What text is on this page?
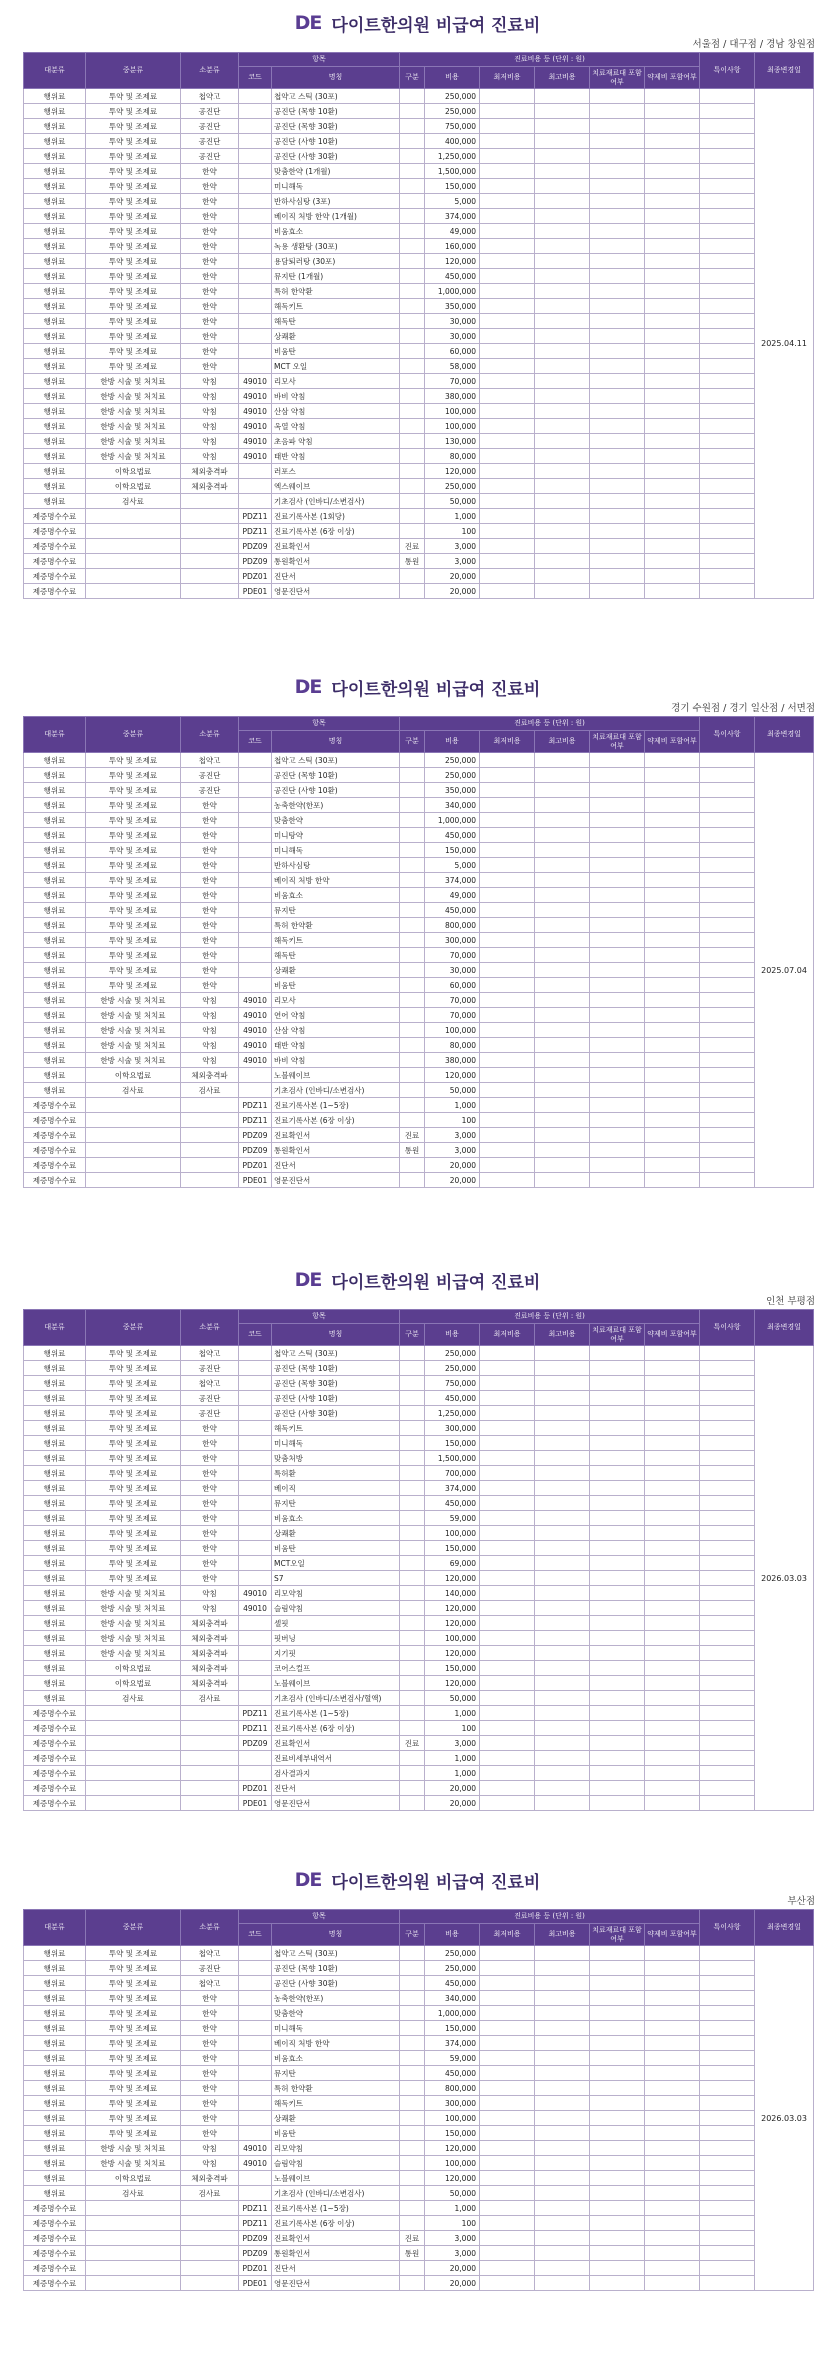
DE 다이트한의원 비급여 진료비
서울점 / 대구점 / 경남 창원점
대분류	중분류	소분류	항목		진료비용 등 (단위 : 원)						특이사항	최종변경일
			코드	명칭	구분	비용	최저비용	최고비용	치료재료대 포함여부	약제비 포함여부		
행위료	투약 및 조제료	첩약고		첩약고 스틱 (30포)		250,000						2025.04.11
행위료	투약 및 조제료	공진단		공진단 (목향 10환)		250,000						
행위료	투약 및 조제료	공진단		공진단 (목향 30환)		750,000						
행위료	투약 및 조제료	공진단		공진단 (사향 10환)		400,000						
행위료	투약 및 조제료	공진단		공진단 (사향 30환)		1,250,000						
행위료	투약 및 조제료	한약		맞춤한약 (1개월)		1,500,000						
행위료	투약 및 조제료	한약		미니해독		150,000						
행위료	투약 및 조제료	한약		반하사심탕 (3포)		5,000						
행위료	투약 및 조제료	한약		베이직 처방 한약 (1개월)		374,000						
행위료	투약 및 조제료	한약		비움효소		49,000						
행위료	투약 및 조제료	한약		녹용 생환탕 (30포)		160,000						
행위료	투약 및 조제료	한약		용담퇴러탕 (30포)		120,000						
행위료	투약 및 조제료	한약		뮤지탄 (1개월)		450,000						
행위료	투약 및 조제료	한약		특허 한약환		1,000,000						
행위료	투약 및 조제료	한약		해독키트		350,000						
행위료	투약 및 조제료	한약		해독탄		30,000						
행위료	투약 및 조제료	한약		상쾌환		30,000						
행위료	투약 및 조제료	한약		비움탄		60,000						
행위료	투약 및 조제료	한약		MCT 오일		58,000						
행위료	한방 시술 및 처치료	약침	49010	리모사		70,000						
행위료	한방 시술 및 처치료	약침	49010	바비 약침		380,000						
행위료	한방 시술 및 처치료	약침	49010	산삼 약침		100,000						
행위료	한방 시술 및 처치료	약침	49010	옥열 약침		100,000						
행위료	한방 시술 및 처치료	약침	49010	초음파 약침		130,000						
행위료	한방 시술 및 처치료	약침	49010	태반 약침		80,000						
행위료	이학요법료	체외충격파		러포스		120,000						
행위료	이학요법료	체외충격파		엑스웨이브		250,000						
행위료	검사료			기초검사 (인바디/소변검사)		50,000						
제증명수수료			PDZ11	진료기록사본 (1회당)		1,000						
제증명수수료			PDZ11	진료기록사본 (6장 이상)		100						
제증명수수료			PDZ09	진료확인서	진료	3,000						
제증명수수료			PDZ09	통원확인서	통원	3,000						
제증명수수료			PDZ01	진단서		20,000						
제증명수수료			PDE01	영문진단서		20,000						
DE 다이트한의원 비급여 진료비
경기 수원점 / 경기 일산점 / 서면점
대분류	중분류	소분류	항목		진료비용 등 (단위 : 원)						특이사항	최종변경일
			코드	명칭	구분	비용	최저비용	최고비용	치료재료대 포함여부	약제비 포함여부		
행위료	투약 및 조제료	첩약고		첩약고 스틱 (30포)		250,000						2025.07.04
행위료	투약 및 조제료	공진단		공진단 (목향 10환)		250,000						
행위료	투약 및 조제료	공진단		공진단 (사향 10환)		350,000						
행위료	투약 및 조제료	한약		농축한약(한포)		340,000						
행위료	투약 및 조제료	한약		맞춤한약		1,000,000						
행위료	투약 및 조제료	한약		미니탕약		450,000						
행위료	투약 및 조제료	한약		미니해독		150,000						
행위료	투약 및 조제료	한약		반하사심탕		5,000						
행위료	투약 및 조제료	한약		베이직 처방 한약		374,000						
행위료	투약 및 조제료	한약		비움효소		49,000						
행위료	투약 및 조제료	한약		뮤지탄		450,000						
행위료	투약 및 조제료	한약		특허 한약환		800,000						
행위료	투약 및 조제료	한약		해독키트		300,000						
행위료	투약 및 조제료	한약		해독탄		70,000						
행위료	투약 및 조제료	한약		상쾌환		30,000						
행위료	투약 및 조제료	한약		비움탄		60,000						
행위료	한방 시술 및 처치료	약침	49010	리모사		70,000						
행위료	한방 시술 및 처치료	약침	49010	연어 약침		70,000						
행위료	한방 시술 및 처치료	약침	49010	산삼 약침		100,000						
행위료	한방 시술 및 처치료	약침	49010	태반 약침		80,000						
행위료	한방 시술 및 처치료	약침	49010	바비 약침		380,000						
행위료	이학요법료	체외충격파		노블웨이브		120,000						
행위료	검사료	검사료		기초검사 (인바디/소변검사)		50,000						
제증명수수료			PDZ11	진료기록사본 (1~5장)		1,000						
제증명수수료			PDZ11	진료기록사본 (6장 이상)		100						
제증명수수료			PDZ09	진료확인서	진료	3,000						
제증명수수료			PDZ09	통원확인서	통원	3,000						
제증명수수료			PDZ01	진단서		20,000						
제증명수수료			PDE01	영문진단서		20,000						
DE 다이트한의원 비급여 진료비
인천 부평점
대분류	중분류	소분류	항목		진료비용 등 (단위 : 원)						특이사항	최종변경일
			코드	명칭	구분	비용	최저비용	최고비용	치료재료대 포함여부	약제비 포함여부		
행위료	투약 및 조제료	첩약고		첩약고 스틱 (30포)		250,000						2026.03.03
행위료	투약 및 조제료	공진단		공진단 (목향 10환)		250,000						
행위료	투약 및 조제료	첩약고		공진단 (목향 30환)		750,000						
행위료	투약 및 조제료	공진단		공진단 (사향 10환)		450,000						
행위료	투약 및 조제료	공진단		공진단 (사향 30환)		1,250,000						
행위료	투약 및 조제료	한약		해독키트		300,000						
행위료	투약 및 조제료	한약		미니해독		150,000						
행위료	투약 및 조제료	한약		맞춤처방		1,500,000						
행위료	투약 및 조제료	한약		특허환		700,000						
행위료	투약 및 조제료	한약		베이직		374,000						
행위료	투약 및 조제료	한약		뮤지탄		450,000						
행위료	투약 및 조제료	한약		비움효소		59,000						
행위료	투약 및 조제료	한약		상쾌환		100,000						
행위료	투약 및 조제료	한약		비움탄		150,000						
행위료	투약 및 조제료	한약		MCT오일		69,000						
행위료	투약 및 조제료	한약		S7		120,000						
행위료	한방 시술 및 처치료	약침	49010	리모약침		140,000						
행위료	한방 시술 및 처치료	약침	49010	슬림약침		120,000						
행위료	한방 시술 및 처치료	체외충격파		셀핏		120,000						
행위료	한방 시술 및 처치료	체외충격파		핏버닝		100,000						
행위료	한방 시술 및 처치료	체외충격파		지기핏		120,000						
행위료	이학요법료	체외충격파		코어스컬프		150,000						
행위료	이학요법료	체외충격파		노블웨이브		120,000						
행위료	검사료	검사료		기초검사 (인바디/소변검사/혈액)		50,000						
제증명수수료			PDZ11	진료기록사본 (1~5장)		1,000						
제증명수수료			PDZ11	진료기록사본 (6장 이상)		100						
제증명수수료			PDZ09	진료확인서	진료	3,000						
제증명수수료				진료비세부내역서		1,000						
제증명수수료				검사결과지		1,000						
제증명수수료			PDZ01	진단서		20,000						
제증명수수료			PDE01	영문진단서		20,000						
DE 다이트한의원 비급여 진료비
부산점
대분류	중분류	소분류	항목		진료비용 등 (단위 : 원)						특이사항	최종변경일
			코드	명칭	구분	비용	최저비용	최고비용	치료재료대 포함여부	약제비 포함여부		
행위료	투약 및 조제료	첩약고		첩약고 스틱 (30포)		250,000						2026.03.03
행위료	투약 및 조제료	공진단		공진단 (목향 10환)		250,000						
행위료	투약 및 조제료	첩약고		공진단 (사향 30환)		450,000						
행위료	투약 및 조제료	한약		농축한약(한포)		340,000						
행위료	투약 및 조제료	한약		맞춤한약		1,000,000						
행위료	투약 및 조제료	한약		미니해독		150,000						
행위료	투약 및 조제료	한약		베이직 처방 한약		374,000						
행위료	투약 및 조제료	한약		비움효소		59,000						
행위료	투약 및 조제료	한약		뮤지탄		450,000						
행위료	투약 및 조제료	한약		특허 한약환		800,000						
행위료	투약 및 조제료	한약		해독키트		300,000						
행위료	투약 및 조제료	한약		상쾌환		100,000						
행위료	투약 및 조제료	한약		비움탄		150,000						
행위료	한방 시술 및 처치료	약침	49010	리모약침		120,000						
행위료	한방 시술 및 처치료	약침	49010	슬림약침		100,000						
행위료	이학요법료	체외충격파		노블웨이브		120,000						
행위료	검사료	검사료		기초검사 (인바디/소변검사)		50,000						
제증명수수료			PDZ11	진료기록사본 (1~5장)		1,000						
제증명수수료			PDZ11	진료기록사본 (6장 이상)		100						
제증명수수료			PDZ09	진료확인서	진료	3,000						
제증명수수료			PDZ09	통원확인서	통원	3,000						
제증명수수료			PDZ01	진단서		20,000						
제증명수수료			PDE01	영문진단서		20,000						
